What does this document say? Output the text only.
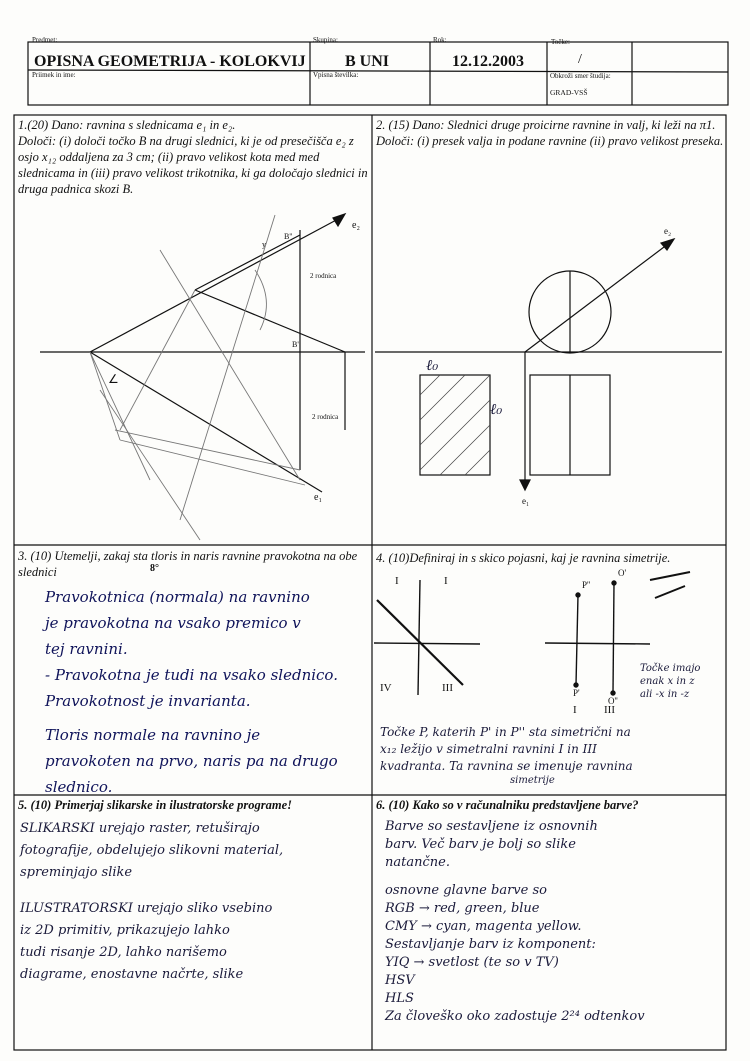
Predmet:
OPISNA GEOMETRIJA - KOLOKVIJ
Priimek in ime:
Skupina:
B UNI
Vpisna številka:
Rok:
12.12.2003
Točke:
/
Obkroži smer študija:
GRAD-VSŠ
1.(20) Dano: ravnina s slednicama e₁ in e₂.
Določi: (i) določi točko B na drugi slednici, ki je od presečišča e₂ z osjo x₁₂ oddaljena za 3 cm; (ii) pravo velikost kota med med slednicama in (iii) pravo velikost trikotnika, ki ga določajo slednici in druga padnica skozi B.
e₂
e₁
B''
B'
y
∠
2 rodnica
2 rodnica
2. (15) Dano: Slednici druge proicirne ravnine in valj, ki leži na π1.
Določi: (i) presek valja in podane ravnine (ii) pravo velikost preseka.
e₂
e₁
ℓ₀
ℓ₀
3. (10) Utemelji, zakaj sta tloris in naris ravnine pravokotna na obe slednici	8°
Pravokotnica (normala) na ravnino
je pravokotna na vsako premico v
tej ravnini.
- Pravokotna je tudi na vsako slednico.
Pravokotnost je invarianta.
Tloris normale na ravnino je
pravokoten na prvo, naris pa na drugo
slednico.
4. (10)Definiraj in s skico pojasni, kaj je ravnina simetrije.
I	I
IV	III
P''
O'
P'
O''
I III
Točke imajo
enak x in z
ali -x in -z
Točke P, katerih P' in P'' sta simetrični na
x₁₂ ležijo v simetralni ravnini I in III
kvadranta. Ta ravnina se imenuje ravnina
simetrije
5. (10) Primerjaj slikarske in ilustratorske programe!
SLIKARSKI urejajo raster, retuširajo
fotografije, obdelujejo slikovni material,
spreminjajo slike
ILUSTRATORSKI urejajo sliko vsebino
iz 2D primitiv, prikazujejo lahko
tudi risanje 2D, lahko narišemo
diagrame, enostavne načrte, slike
6. (10) Kako so v računalniku predstavljene barve?
Barve so sestavljene iz osnovnih
barv. Več barv je bolj so slike
natančne.
osnovne glavne barve so
RGB → red, green, blue
CMY → cyan, magenta yellow.
Sestavljanje barv iz komponent:
YIQ → svetlost (te so v TV)
HSV
HLS
Za človeško oko zadostuje 2²⁴ odtenkov
